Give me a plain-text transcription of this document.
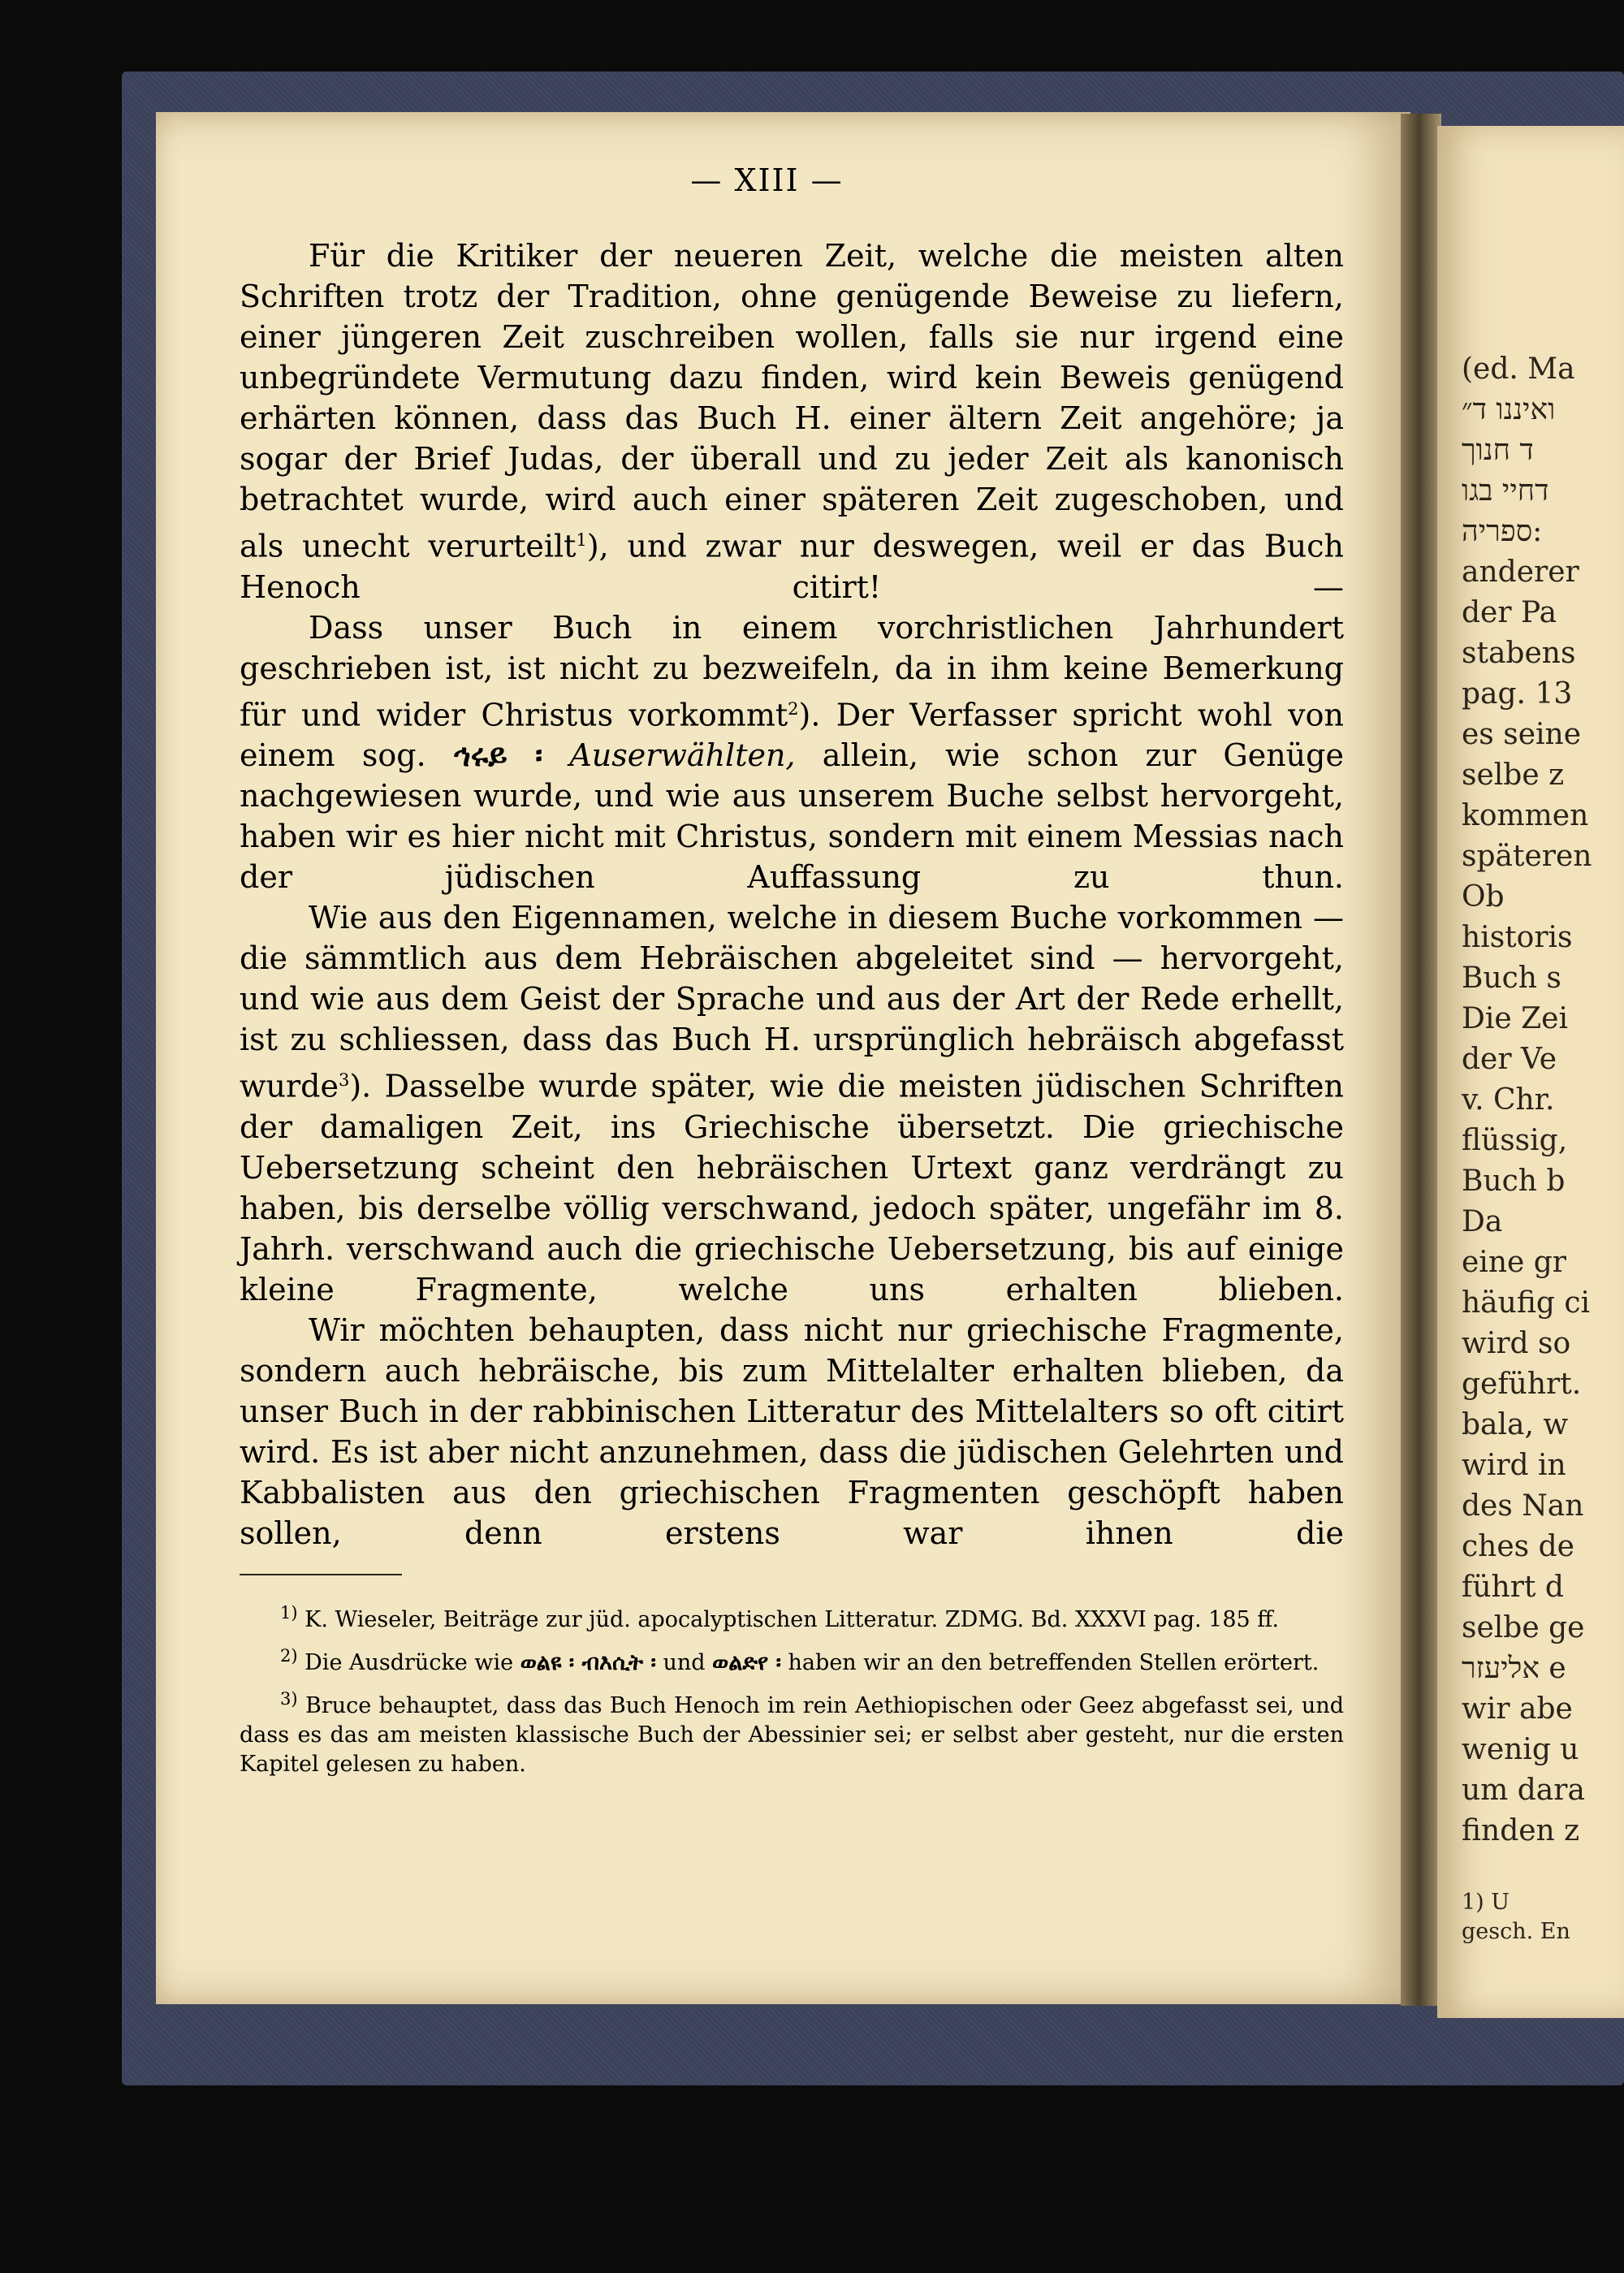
— XIII —

Für die Kritiker der neueren Zeit, welche die meisten alten Schriften trotz der Tradition, ohne genügende Beweise zu liefern, einer jüngeren Zeit zuschreiben wollen, falls sie nur irgend eine unbegründete Vermutung dazu finden, wird kein Beweis genügend erhärten können, dass das Buch H. einer ältern Zeit angehöre; ja sogar der Brief Judas, der überall und zu jeder Zeit als kanonisch betrachtet wurde, wird auch einer späteren Zeit zugeschoben, und als unecht verurteilt$^1$), und zwar nur deswegen, weil er das Buch Henoch citirt! —

Dass unser Buch in einem vorchristlichen Jahrhundert geschrieben ist, ist nicht zu bezweifeln, da in ihm keine Bemerkung für und wider Christus vorkommt$^2$). Der Verfasser spricht wohl von einem sog. ኅሩይ ፡ Auserwählten, allein, wie schon zur Genüge nachgewiesen wurde, und wie aus unserem Buche selbst hervorgeht, haben wir es hier nicht mit Christus, sondern mit einem Messias nach der jüdischen Auffassung zu thun.

Wie aus den Eigennamen, welche in diesem Buche vorkommen — die sämmtlich aus dem Hebräischen abgeleitet sind — hervorgeht, und wie aus dem Geist der Sprache und aus der Art der Rede erhellt, ist zu schliessen, dass das Buch H. ursprünglich hebräisch abgefasst wurde$^3$). Dasselbe wurde später, wie die meisten jüdischen Schriften der damaligen Zeit, ins Griechische übersetzt. Die griechische Uebersetzung scheint den hebräischen Urtext ganz verdrängt zu haben, bis derselbe völlig verschwand, jedoch später, ungefähr im 8. Jahrh. verschwand auch die griechische Uebersetzung, bis auf einige kleine Fragmente, welche uns erhalten blieben.

Wir möchten behaupten, dass nicht nur griechische Fragmente, sondern auch hebräische, bis zum Mittelalter erhalten blieben, da unser Buch in der rabbinischen Litteratur des Mittelalters so oft citirt wird. Es ist aber nicht anzunehmen, dass die jüdischen Gelehrten und Kabbalisten aus den griechischen Fragmenten geschöpft haben sollen, denn erstens war ihnen die

$^{1)}$ K. Wieseler, Beiträge zur jüd. apocalyptischen Litteratur. ZDMG. Bd. XXXVI pag. 185 ff.

$^{2)}$ Die Ausdrücke wie ወልዩ ፡ ብእሲት ፡ und ወልድየ ፡ haben wir an den betreffenden Stellen erörtert.

$^{3)}$ Bruce behauptet, dass das Buch Henoch im rein Aethiopischen oder Geez abgefasst sei, und dass es das am meisten klassische Buch der Abessinier sei; er selbst aber gesteht, nur die ersten Kapitel gelesen zu haben.

(ed. Ma
ואיננו ד״
ד חנוך
דחיי בגו
ספריה:
anderer
der Pa
stabens
pag. 13
es seine
selbe z
kommen
späteren
Ob
historis
Buch s
Die Zei
der Ve
v. Chr.
flüssig,
Buch b
Da
eine gr
häufig ci
wird so
geführt.
bala, w
wird in
des Nan
ches de
führt d
selbe ge
אליעזר e
wir abe
wenig u
um dara
finden z
1) U
gesch. En
